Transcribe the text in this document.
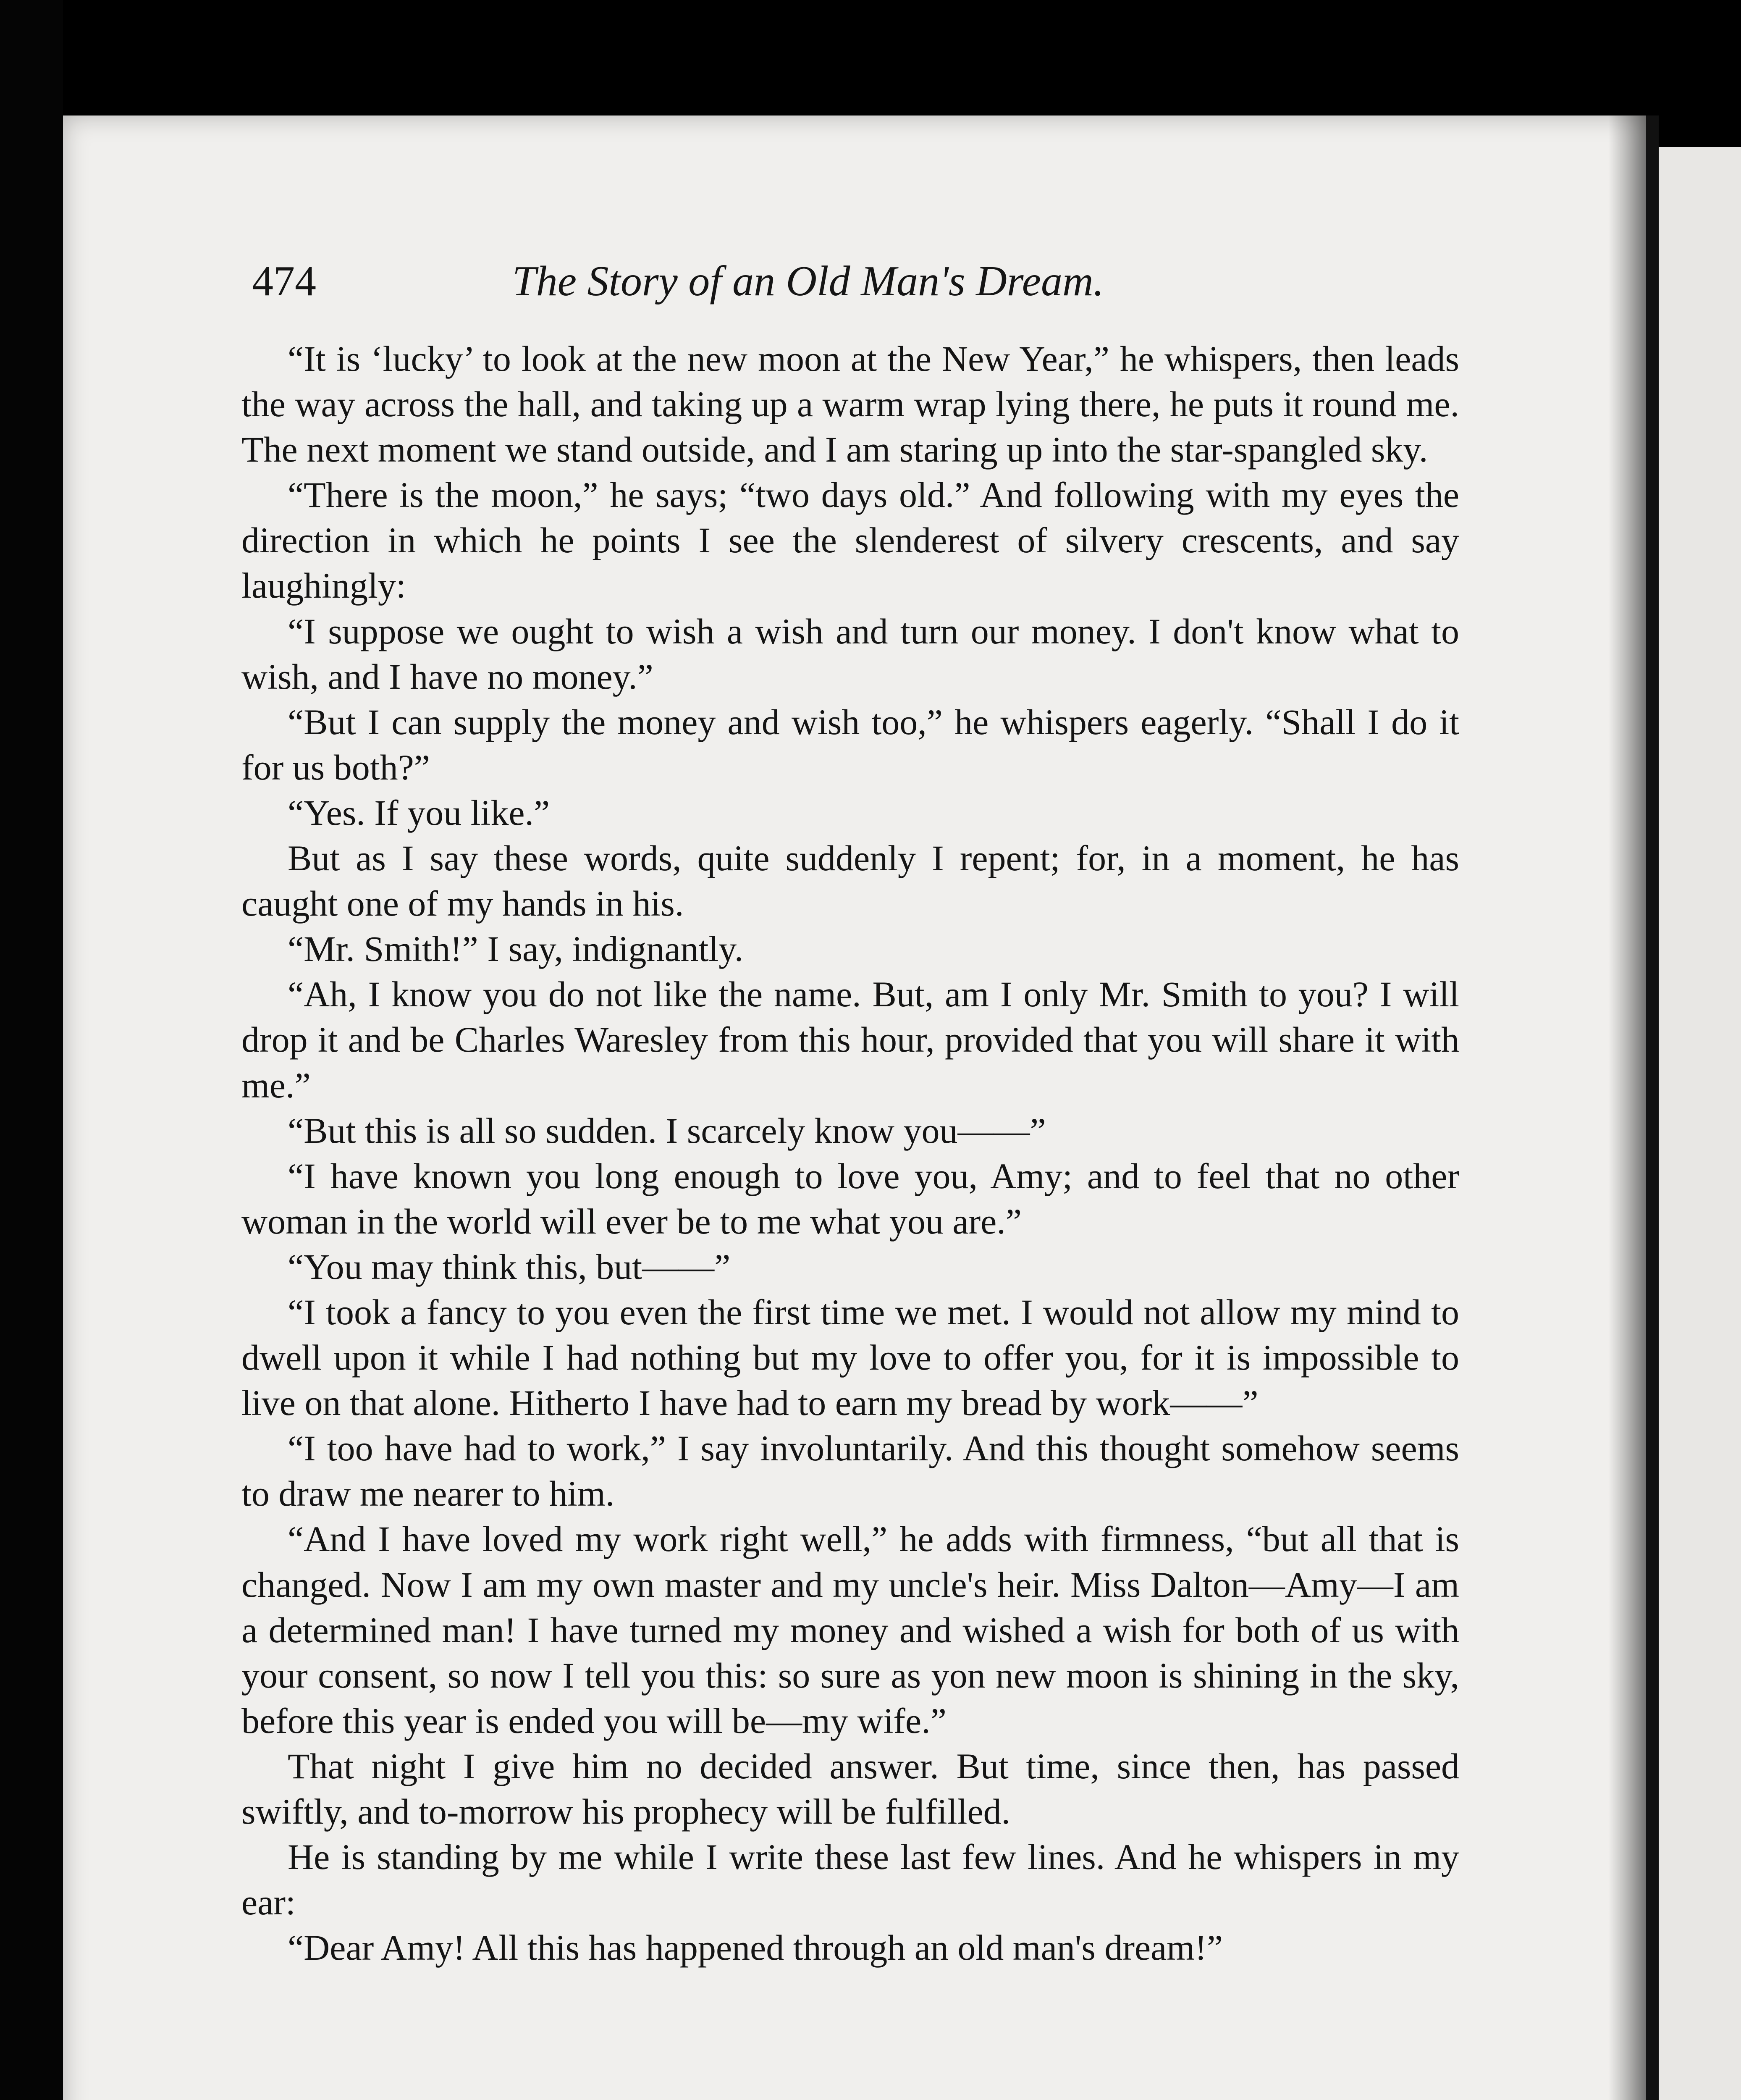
474	The Story of an Old Man's Dream.

“It is ‘lucky’ to look at the new moon at the New Year,” he whispers, then leads the way across the hall, and taking up a warm wrap lying there, he puts it round me. The next moment we stand outside, and I am staring up into the star-spangled sky.

“There is the moon,” he says; “two days old.” And following with my eyes the direction in which he points I see the slenderest of silvery crescents, and say laughingly:

“I suppose we ought to wish a wish and turn our money. I don't know what to wish, and I have no money.”

“But I can supply the money and wish too,” he whispers eagerly. “Shall I do it for us both?”

“Yes. If you like.”

But as I say these words, quite suddenly I repent; for, in a moment, he has caught one of my hands in his.

“Mr. Smith!” I say, indignantly.

“Ah, I know you do not like the name. But, am I only Mr. Smith to you? I will drop it and be Charles Waresley from this hour, provided that you will share it with me.”

“But this is all so sudden. I scarcely know you——”

“I have known you long enough to love you, Amy; and to feel that no other woman in the world will ever be to me what you are.”

“You may think this, but——”

“I took a fancy to you even the first time we met. I would not allow my mind to dwell upon it while I had nothing but my love to offer you, for it is impossible to live on that alone. Hitherto I have had to earn my bread by work——”

“I too have had to work,” I say involuntarily. And this thought somehow seems to draw me nearer to him.

“And I have loved my work right well,” he adds with firmness, “but all that is changed. Now I am my own master and my uncle's heir. Miss Dalton—Amy—I am a determined man! I have turned my money and wished a wish for both of us with your consent, so now I tell you this: so sure as yon new moon is shining in the sky, before this year is ended you will be—my wife.”

That night I give him no decided answer. But time, since then, has passed swiftly, and to-morrow his prophecy will be fulfilled.

He is standing by me while I write these last few lines. And he whispers in my ear:

“Dear Amy! All this has happened through an old man's dream!”
